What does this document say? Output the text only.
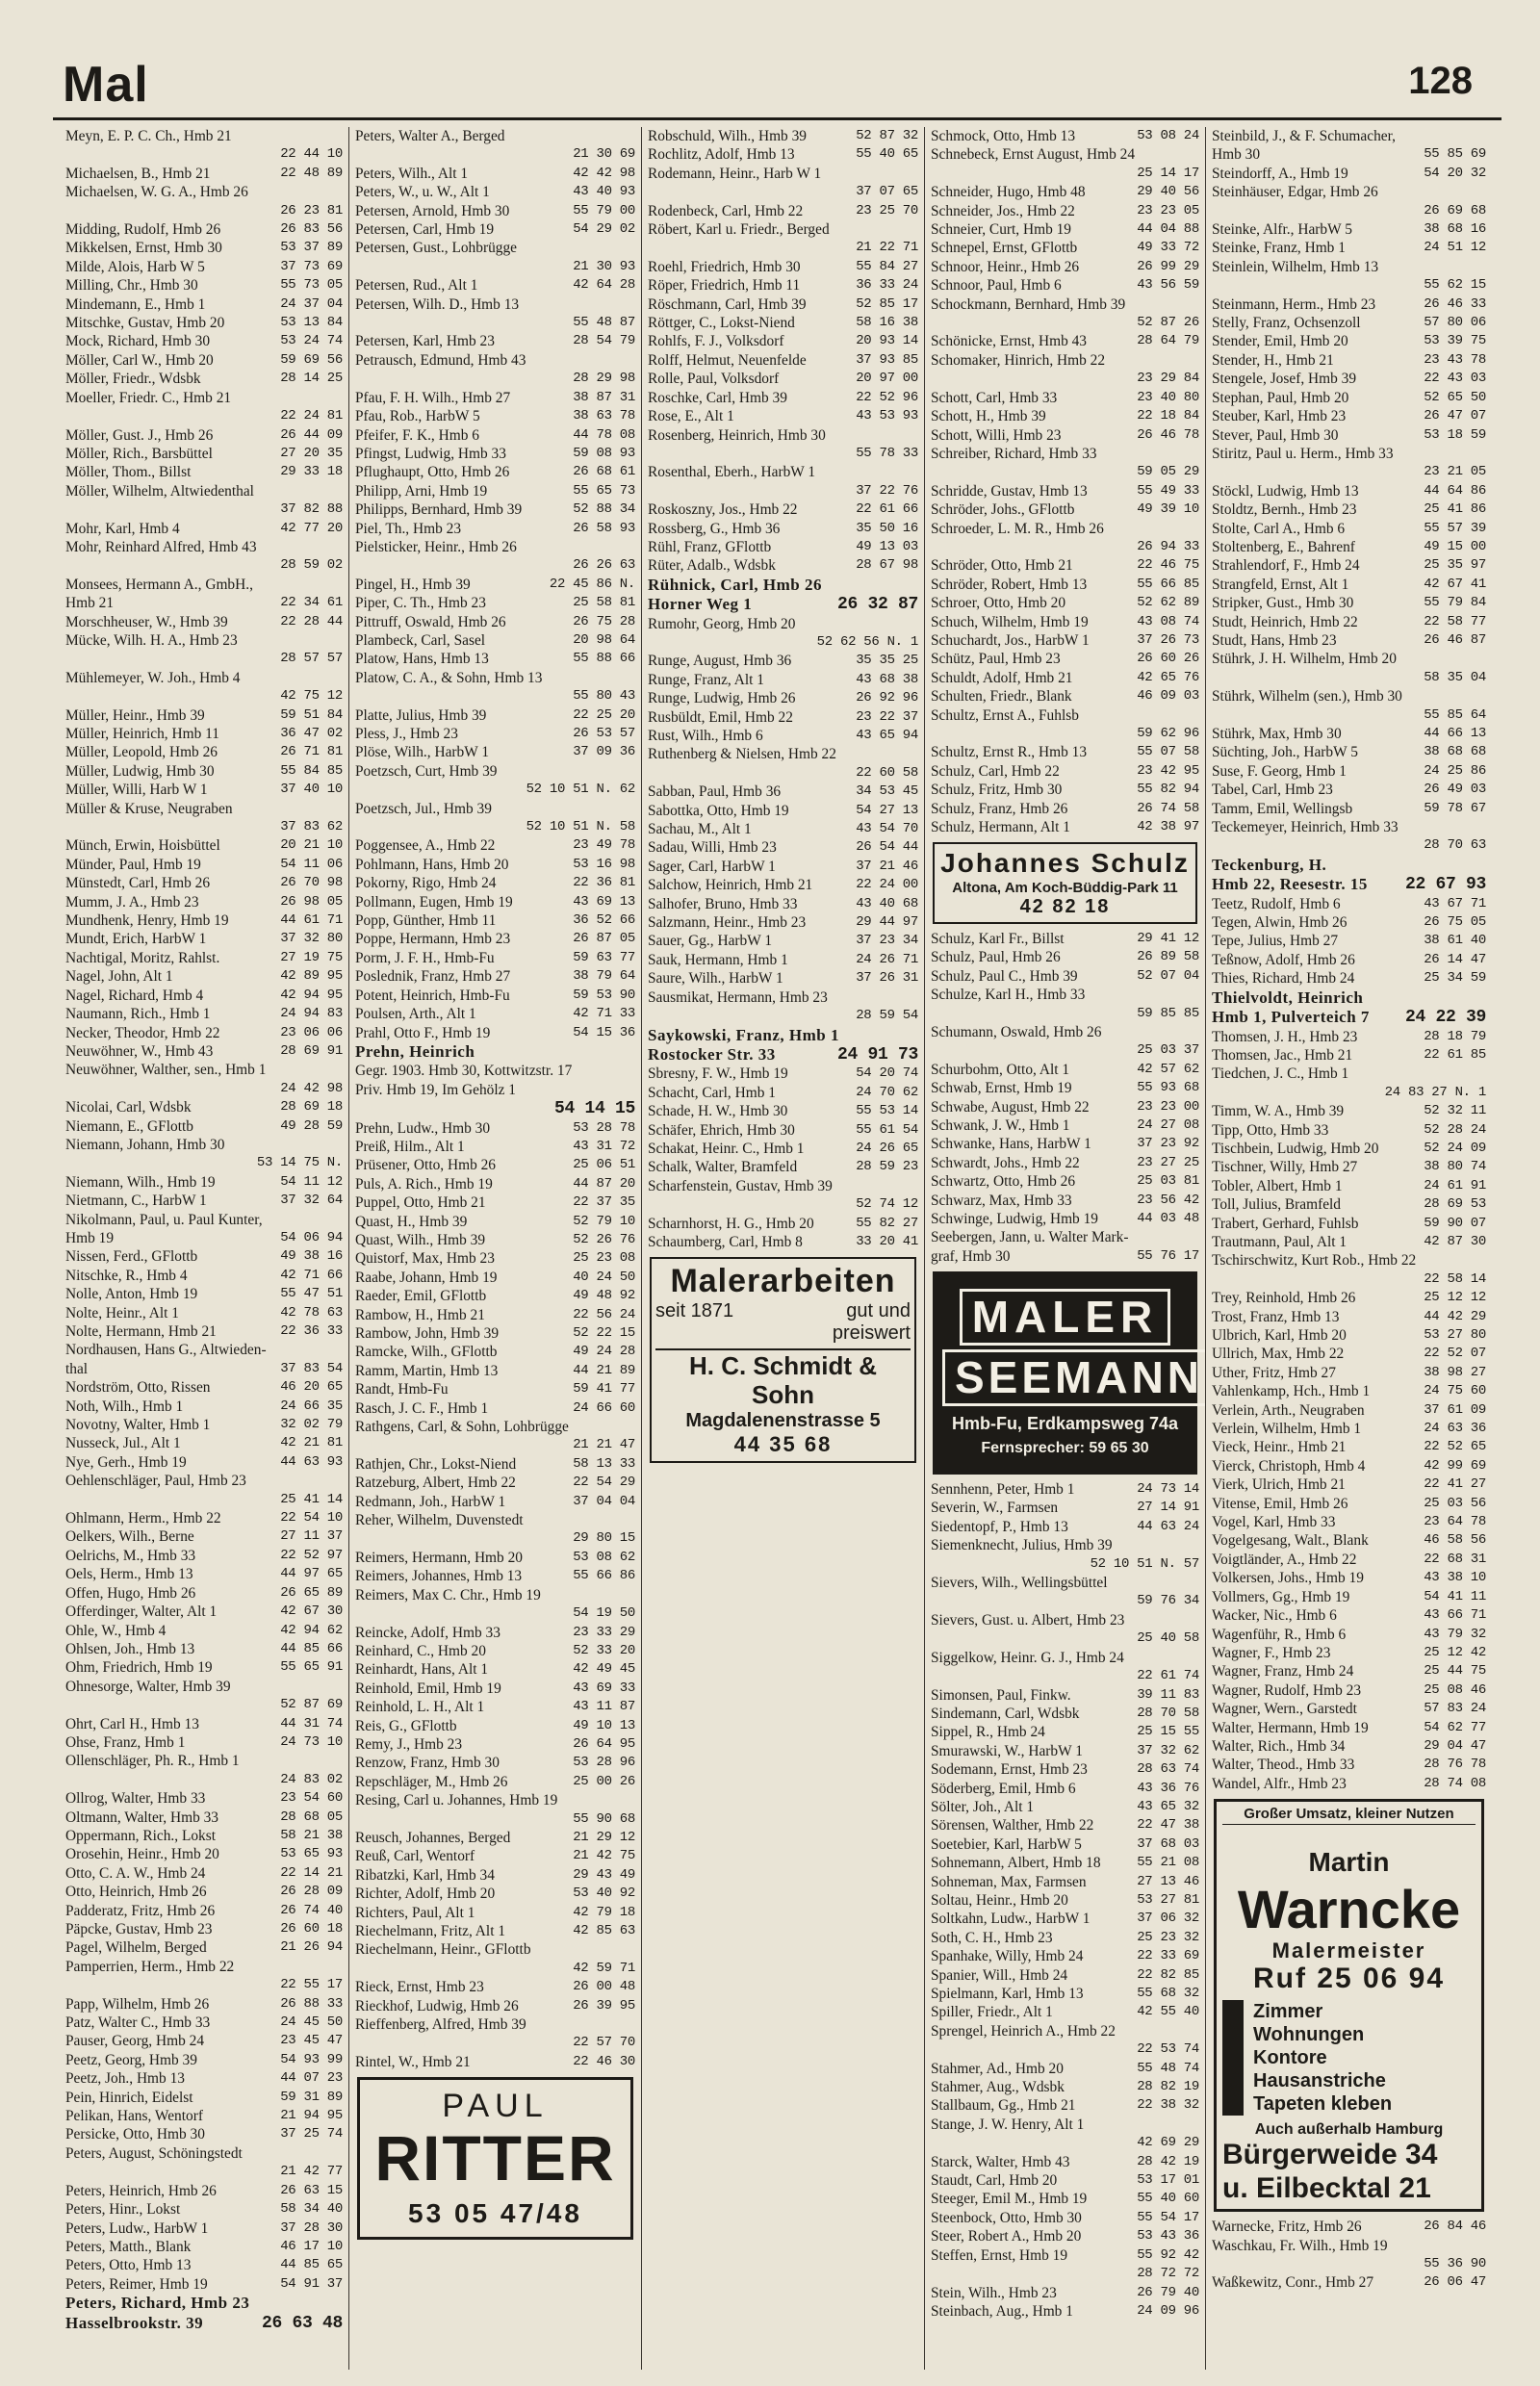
Mal	128
Meyn, E. P. C. Ch., Hmb 21

22 44 10
Michaelsen, B., Hmb 21	22 48 89
Michaelsen, W. G. A., Hmb 26

26 23 81
Midding, Rudolf, Hmb 26	26 83 56
Mikkelsen, Ernst, Hmb 30	53 37 89
Milde, Alois, Harb W 5	37 73 69
Milling, Chr., Hmb 30	55 73 05
Mindemann, E., Hmb 1	24 37 04
Mitschke, Gustav, Hmb 20	53 13 84
Mock, Richard, Hmb 30	53 24 74
Möller, Carl W., Hmb 20	59 69 56
Möller, Friedr., Wdsbk	28 14 25
Moeller, Friedr. C., Hmb 21

22 24 81
Möller, Gust. J., Hmb 26	26 44 09
Möller, Rich., Barsbüttel	27 20 35
Möller, Thom., Billst	29 33 18
Möller, Wilhelm, Altwiedenthal

37 82 88
Mohr, Karl, Hmb 4	42 77 20
Mohr, Reinhard Alfred, Hmb 43

28 59 02
Monsees, Hermann A., GmbH.,
Hmb 21	22 34 61
Morschheuser, W., Hmb 39	22 28 44
Mücke, Wilh. H. A., Hmb 23

28 57 57
Mühlemeyer, W. Joh., Hmb 4

42 75 12
Müller, Heinr., Hmb 39	59 51 84
Müller, Heinrich, Hmb 11	36 47 02
Müller, Leopold, Hmb 26	26 71 81
Müller, Ludwig, Hmb 30	55 84 85
Müller, Willi, Harb W 1	37 40 10
Müller & Kruse, Neugraben

37 83 62
Münch, Erwin, Hoisbüttel	20 21 10
Münder, Paul, Hmb 19	54 11 06
Münstedt, Carl, Hmb 26	26 70 98
Mumm, J. A., Hmb 23	26 98 05
Mundhenk, Henry, Hmb 19	44 61 71
Mundt, Erich, HarbW 1	37 32 80
Nachtigal, Moritz, Rahlst.	27 19 75
Nagel, John, Alt 1	42 89 95
Nagel, Richard, Hmb 4	42 94 95
Naumann, Rich., Hmb 1	24 94 83
Necker, Theodor, Hmb 22	23 06 06
Neuwöhner, W., Hmb 43	28 69 91
Neuwöhner, Walther, sen., Hmb 1

24 42 98
Nicolai, Carl, Wdsbk	28 69 18
Niemann, E., GFlottb	49 28 59
Niemann, Johann, Hmb 30

53 14 75 N.
Niemann, Wilh., Hmb 19	54 11 12
Nietmann, C., HarbW 1	37 32 64
Nikolmann, Paul, u. Paul Kunter,
Hmb 19	54 06 94
Nissen, Ferd., GFlottb	49 38 16
Nitschke, R., Hmb 4	42 71 66
Nolle, Anton, Hmb 19	55 47 51
Nolte, Heinr., Alt 1	42 78 63
Nolte, Hermann, Hmb 21	22 36 33
Nordhausen, Hans G., Altwieden-
thal	37 83 54
Nordström, Otto, Rissen	46 20 65
Noth, Wilh., Hmb 1	24 66 35
Novotny, Walter, Hmb 1	32 02 79
Nusseck, Jul., Alt 1	42 21 81
Nye, Gerh., Hmb 19	44 63 93
Oehlenschläger, Paul, Hmb 23

25 41 14
Ohlmann, Herm., Hmb 22	22 54 10
Oelkers, Wilh., Berne	27 11 37
Oelrichs, M., Hmb 33	22 52 97
Oels, Herm., Hmb 13	44 97 65
Offen, Hugo, Hmb 26	26 65 89
Offerdinger, Walter, Alt 1	42 67 30
Ohle, W., Hmb 4	42 94 62
Ohlsen, Joh., Hmb 13	44 85 66
Ohm, Friedrich, Hmb 19	55 65 91
Ohnesorge, Walter, Hmb 39

52 87 69
Ohrt, Carl H., Hmb 13	44 31 74
Ohse, Franz, Hmb 1	24 73 10
Ollenschläger, Ph. R., Hmb 1

24 83 02
Ollrog, Walter, Hmb 33	23 54 60
Oltmann, Walter, Hmb 33	28 68 05
Oppermann, Rich., Lokst	58 21 38
Orosehin, Heinr., Hmb 20	53 65 93
Otto, C. A. W., Hmb 24	22 14 21
Otto, Heinrich, Hmb 26	26 28 09
Padderatz, Fritz, Hmb 26	26 74 40
Päpcke, Gustav, Hmb 23	26 60 18
Pagel, Wilhelm, Berged	21 26 94
Pamperrien, Herm., Hmb 22

22 55 17
Papp, Wilhelm, Hmb 26	26 88 33
Patz, Walter C., Hmb 33	24 45 50
Pauser, Georg, Hmb 24	23 45 47
Peetz, Georg, Hmb 39	54 93 99
Peetz, Joh., Hmb 13	44 07 23
Pein, Hinrich, Eidelst	59 31 89
Pelikan, Hans, Wentorf	21 94 95
Persicke, Otto, Hmb 30	37 25 74
Peters, August, Schöningstedt

21 42 77
Peters, Heinrich, Hmb 26	26 63 15
Peters, Hinr., Lokst	58 34 40
Peters, Ludw., HarbW 1	37 28 30
Peters, Matth., Blank	46 17 10
Peters, Otto, Hmb 13	44 85 65
Peters, Reimer, Hmb 19	54 91 37
Peters, Richard, Hmb 23
Hasselbrookstr. 39	26 63 48
Peters, Walter A., Berged

21 30 69
Peters, Wilh., Alt 1	42 42 98
Peters, W., u. W., Alt 1	43 40 93
Petersen, Arnold, Hmb 30	55 79 00
Petersen, Carl, Hmb 19	54 29 02
Petersen, Gust., Lohbrügge

21 30 93
Petersen, Rud., Alt 1	42 64 28
Petersen, Wilh. D., Hmb 13

55 48 87
Petersen, Karl, Hmb 23	28 54 79
Petrausch, Edmund, Hmb 43

28 29 98
Pfau, F. H. Wilh., Hmb 27	38 87 31
Pfau, Rob., HarbW 5	38 63 78
Pfeifer, F. K., Hmb 6	44 78 08
Pfingst, Ludwig, Hmb 33	59 08 93
Pflughaupt, Otto, Hmb 26	26 68 61
Philipp, Arni, Hmb 19	55 65 73
Philipps, Bernhard, Hmb 39	52 88 34
Piel, Th., Hmb 23	26 58 93
Pielsticker, Heinr., Hmb 26

26 26 63
Pingel, H., Hmb 39	22 45 86 N.
Piper, C. Th., Hmb 23	25 58 81
Pittruff, Oswald, Hmb 26	26 75 28
Plambeck, Carl, Sasel	20 98 64
Platow, Hans, Hmb 13	55 88 66
Platow, C. A., & Sohn, Hmb 13

55 80 43
Platte, Julius, Hmb 39	22 25 20
Pless, J., Hmb 23	26 53 57
Plöse, Wilh., HarbW 1	37 09 36
Poetzsch, Curt, Hmb 39

52 10 51 N. 62
Poetzsch, Jul., Hmb 39

52 10 51 N. 58
Poggensee, A., Hmb 22	23 49 78
Pohlmann, Hans, Hmb 20	53 16 98
Pokorny, Rigo, Hmb 24	22 36 81
Pollmann, Eugen, Hmb 19	43 69 13
Popp, Günther, Hmb 11	36 52 66
Poppe, Hermann, Hmb 23	26 87 05
Porm, J. F. H., Hmb-Fu	59 63 77
Poslednik, Franz, Hmb 27	38 79 64
Potent, Heinrich, Hmb-Fu	59 53 90
Poulsen, Arth., Alt 1	42 71 33
Prahl, Otto F., Hmb 19	54 15 36
Prehn, Heinrich
Gegr. 1903. Hmb 30, Kottwitzstr. 17
Priv. Hmb 19, Im Gehölz 1

54 14 15
Prehn, Ludw., Hmb 30	53 28 78
Preiß, Hilm., Alt 1	43 31 72
Prüsener, Otto, Hmb 26	25 06 51
Puls, A. Rich., Hmb 19	44 87 20
Puppel, Otto, Hmb 21	22 37 35
Quast, H., Hmb 39	52 79 10
Quast, Wilh., Hmb 39	52 26 76
Quistorf, Max, Hmb 23	25 23 08
Raabe, Johann, Hmb 19	40 24 50
Raeder, Emil, GFlottb	49 48 92
Rambow, H., Hmb 21	22 56 24
Rambow, John, Hmb 39	52 22 15
Ramcke, Wilh., GFlottb	49 24 28
Ramm, Martin, Hmb 13	44 21 89
Randt, Hmb-Fu	59 41 77
Rasch, J. C. F., Hmb 1	24 66 60
Rathgens, Carl, & Sohn, Lohbrügge

21 21 47
Rathjen, Chr., Lokst-Niend	58 13 33
Ratzeburg, Albert, Hmb 22	22 54 29
Redmann, Joh., HarbW 1	37 04 04
Reher, Wilhelm, Duvenstedt

29 80 15
Reimers, Hermann, Hmb 20	53 08 62
Reimers, Johannes, Hmb 13	55 66 86
Reimers, Max C. Chr., Hmb 19

54 19 50
Reincke, Adolf, Hmb 33	23 33 29
Reinhard, C., Hmb 20	52 33 20
Reinhardt, Hans, Alt 1	42 49 45
Reinhold, Emil, Hmb 19	43 69 33
Reinhold, L. H., Alt 1	43 11 87
Reis, G., GFlottb	49 10 13
Remy, J., Hmb 23	26 64 95
Renzow, Franz, Hmb 30	53 28 96
Repschläger, M., Hmb 26	25 00 26
Resing, Carl u. Johannes, Hmb 19

55 90 68
Reusch, Johannes, Berged	21 29 12
Reuß, Carl, Wentorf	21 42 75
Ribatzki, Karl, Hmb 34	29 43 49
Richter, Adolf, Hmb 20	53 40 92
Richters, Paul, Alt 1	42 79 18
Riechelmann, Fritz, Alt 1	42 85 63
Riechelmann, Heinr., GFlottb

42 59 71
Rieck, Ernst, Hmb 23	26 00 48
Rieckhof, Ludwig, Hmb 26	26 39 95
Rieffenberg, Alfred, Hmb 39

22 57 70
Rintel, W., Hmb 21	22 46 30
PAUL
RITTER
53 05 47/48
Robschuld, Wilh., Hmb 39	52 87 32
Rochlitz, Adolf, Hmb 13	55 40 65
Rodemann, Heinr., Harb W 1

37 07 65
Rodenbeck, Carl, Hmb 22	23 25 70
Röbert, Karl u. Friedr., Berged

21 22 71
Roehl, Friedrich, Hmb 30	55 84 27
Röper, Friedrich, Hmb 11	36 33 24
Röschmann, Carl, Hmb 39	52 85 17
Röttger, C., Lokst-Niend	58 16 38
Rohlfs, F. J., Volksdorf	20 93 14
Rolff, Helmut, Neuenfelde	37 93 85
Rolle, Paul, Volksdorf	20 97 00
Roschke, Carl, Hmb 39	22 52 96
Rose, E., Alt 1	43 53 93
Rosenberg, Heinrich, Hmb 30

55 78 33
Rosenthal, Eberh., HarbW 1

37 22 76
Roskoszny, Jos., Hmb 22	22 61 66
Rossberg, G., Hmb 36	35 50 16
Rühl, Franz, GFlottb	49 13 03
Rüter, Adalb., Wdsbk	28 67 98
Rühnick, Carl, Hmb 26
Horner Weg 1	26 32 87
Rumohr, Georg, Hmb 20

52 62 56 N. 1
Runge, August, Hmb 36	35 35 25
Runge, Franz, Alt 1	43 68 38
Runge, Ludwig, Hmb 26	26 92 96
Rusbüldt, Emil, Hmb 22	23 22 37
Rust, Wilh., Hmb 6	43 65 94
Ruthenberg & Nielsen, Hmb 22

22 60 58
Sabban, Paul, Hmb 36	34 53 45
Sabottka, Otto, Hmb 19	54 27 13
Sachau, M., Alt 1	43 54 70
Sadau, Willi, Hmb 23	26 54 44
Sager, Carl, HarbW 1	37 21 46
Salchow, Heinrich, Hmb 21	22 24 00
Salhofer, Bruno, Hmb 33	43 40 68
Salzmann, Heinr., Hmb 23	29 44 97
Sauer, Gg., HarbW 1	37 23 34
Sauk, Hermann, Hmb 1	24 26 71
Saure, Wilh., HarbW 1	37 26 31
Sausmikat, Hermann, Hmb 23

28 59 54
Saykowski, Franz, Hmb 1
Rostocker Str. 33	24 91 73
Sbresny, F. W., Hmb 19	54 20 74
Schacht, Carl, Hmb 1	24 70 62
Schade, H. W., Hmb 30	55 53 14
Schäfer, Ehrich, Hmb 30	55 61 54
Schakat, Heinr. C., Hmb 1	24 26 65
Schalk, Walter, Bramfeld	28 59 23
Scharfenstein, Gustav, Hmb 39

52 74 12
Scharnhorst, H. G., Hmb 20	55 82 27
Schaumberg, Carl, Hmb 8	33 20 41
Malerarbeiten
seit 1871	gut und
preiswert
H. C. Schmidt & Sohn
Magdalenenstrasse 5
44 35 68
Schmock, Otto, Hmb 13	53 08 24
Schnebeck, Ernst August, Hmb 24

25 14 17
Schneider, Hugo, Hmb 48	29 40 56
Schneider, Jos., Hmb 22	23 23 05
Schneier, Curt, Hmb 19	44 04 88
Schnepel, Ernst, GFlottb	49 33 72
Schnoor, Heinr., Hmb 26	26 99 29
Schnoor, Paul, Hmb 6	43 56 59
Schockmann, Bernhard, Hmb 39

52 87 26
Schönicke, Ernst, Hmb 43	28 64 79
Schomaker, Hinrich, Hmb 22

23 29 84
Schott, Carl, Hmb 33	23 40 80
Schott, H., Hmb 39	22 18 84
Schott, Willi, Hmb 23	26 46 78
Schreiber, Richard, Hmb 33

59 05 29
Schridde, Gustav, Hmb 13	55 49 33
Schröder, Johs., GFlottb	49 39 10
Schroeder, L. M. R., Hmb 26

26 94 33
Schröder, Otto, Hmb 21	22 46 75
Schröder, Robert, Hmb 13	55 66 85
Schroer, Otto, Hmb 20	52 62 89
Schuch, Wilhelm, Hmb 19	43 08 74
Schuchardt, Jos., HarbW 1	37 26 73
Schütz, Paul, Hmb 23	26 60 26
Schuldt, Adolf, Hmb 21	42 65 76
Schulten, Friedr., Blank	46 09 03
Schultz, Ernst A., Fuhlsb

59 62 96
Schultz, Ernst R., Hmb 13	55 07 58
Schulz, Carl, Hmb 22	23 42 95
Schulz, Fritz, Hmb 30	55 82 94
Schulz, Franz, Hmb 26	26 74 58
Schulz, Hermann, Alt 1	42 38 97
Johannes Schulz
Altona, Am Koch-Büddig-Park 11
42 82 18
Schulz, Karl Fr., Billst	29 41 12
Schulz, Paul, Hmb 26	26 89 58
Schulz, Paul C., Hmb 39	52 07 04
Schulze, Karl H., Hmb 33

59 85 85
Schumann, Oswald, Hmb 26

25 03 37
Schurbohm, Otto, Alt 1	42 57 62
Schwab, Ernst, Hmb 19	55 93 68
Schwabe, August, Hmb 22	23 23 00
Schwank, J. W., Hmb 1	24 27 08
Schwanke, Hans, HarbW 1	37 23 92
Schwardt, Johs., Hmb 22	23 27 25
Schwartz, Otto, Hmb 26	25 03 81
Schwarz, Max, Hmb 33	23 56 42
Schwinge, Ludwig, Hmb 19	44 03 48
Seebergen, Jann, u. Walter Mark-
graf, Hmb 30	55 76 17
MALER
SEEMANN
Hmb-Fu, Erdkampsweg 74a
Fernsprecher: 59 65 30
Sennhenn, Peter, Hmb 1	24 73 14
Severin, W., Farmsen	27 14 91
Siedentopf, P., Hmb 13	44 63 24
Siemenknecht, Julius, Hmb 39

52 10 51 N. 57
Sievers, Wilh., Wellingsbüttel

59 76 34
Sievers, Gust. u. Albert, Hmb 23

25 40 58
Siggelkow, Heinr. G. J., Hmb 24

22 61 74
Simonsen, Paul, Finkw.	39 11 83
Sindemann, Carl, Wdsbk	28 70 58
Sippel, R., Hmb 24	25 15 55
Smurawski, W., HarbW 1	37 32 62
Sodemann, Ernst, Hmb 23	28 63 74
Söderberg, Emil, Hmb 6	43 36 76
Sölter, Joh., Alt 1	43 65 32
Sörensen, Walther, Hmb 22	22 47 38
Soetebier, Karl, HarbW 5	37 68 03
Sohnemann, Albert, Hmb 18	55 21 08
Sohneman, Max, Farmsen	27 13 46
Soltau, Heinr., Hmb 20	53 27 81
Soltkahn, Ludw., HarbW 1	37 06 32
Soth, C. H., Hmb 23	25 23 32
Spanhake, Willy, Hmb 24	22 33 69
Spanier, Will., Hmb 24	22 82 85
Spielmann, Karl, Hmb 13	55 68 32
Spiller, Friedr., Alt 1	42 55 40
Sprengel, Heinrich A., Hmb 22

22 53 74
Stahmer, Ad., Hmb 20	55 48 74
Stahmer, Aug., Wdsbk	28 82 19
Stallbaum, Gg., Hmb 21	22 38 32
Stange, J. W. Henry, Alt 1

42 69 29
Starck, Walter, Hmb 43	28 42 19
Staudt, Carl, Hmb 20	53 17 01
Steeger, Emil M., Hmb 19	55 40 60
Steenbock, Otto, Hmb 30	55 54 17
Steer, Robert A., Hmb 20	53 43 36
Steffen, Ernst, Hmb 19	55 92 42

28 72 72
Stein, Wilh., Hmb 23	26 79 40
Steinbach, Aug., Hmb 1	24 09 96
Steinbild, J., & F. Schumacher,
Hmb 30	55 85 69
Steindorff, A., Hmb 19	54 20 32
Steinhäuser, Edgar, Hmb 26

26 69 68
Steinke, Alfr., HarbW 5	38 68 16
Steinke, Franz, Hmb 1	24 51 12
Steinlein, Wilhelm, Hmb 13

55 62 15
Steinmann, Herm., Hmb 23	26 46 33
Stelly, Franz, Ochsenzoll	57 80 06
Stender, Emil, Hmb 20	53 39 75
Stender, H., Hmb 21	23 43 78
Stengele, Josef, Hmb 39	22 43 03
Stephan, Paul, Hmb 20	52 65 50
Steuber, Karl, Hmb 23	26 47 07
Stever, Paul, Hmb 30	53 18 59
Stiritz, Paul u. Herm., Hmb 33

23 21 05
Stöckl, Ludwig, Hmb 13	44 64 86
Stoldtz, Bernh., Hmb 23	25 41 86
Stolte, Carl A., Hmb 6	55 57 39
Stoltenberg, E., Bahrenf	49 15 00
Strahlendorf, F., Hmb 24	25 35 97
Strangfeld, Ernst, Alt 1	42 67 41
Stripker, Gust., Hmb 30	55 79 84
Studt, Heinrich, Hmb 22	22 58 77
Studt, Hans, Hmb 23	26 46 87
Stührk, J. H. Wilhelm, Hmb 20

58 35 04
Stührk, Wilhelm (sen.), Hmb 30

55 85 64
Stührk, Max, Hmb 30	44 66 13
Süchting, Joh., HarbW 5	38 68 68
Suse, F. Georg, Hmb 1	24 25 86
Tabel, Carl, Hmb 23	26 49 03
Tamm, Emil, Wellingsb	59 78 67
Teckemeyer, Heinrich, Hmb 33

28 70 63
Teckenburg, H.
Hmb 22, Reesestr. 15 22 67 93
Teetz, Rudolf, Hmb 6	43 67 71
Tegen, Alwin, Hmb 26	26 75 05
Tepe, Julius, Hmb 27	38 61 40
Teßnow, Adolf, Hmb 26	26 14 47
Thies, Richard, Hmb 24	25 34 59
Thielvoldt, Heinrich
Hmb 1, Pulverteich 7 24 22 39
Thomsen, J. H., Hmb 23	28 18 79
Thomsen, Jac., Hmb 21	22 61 85
Tiedchen, J. C., Hmb 1

24 83 27 N. 1
Timm, W. A., Hmb 39	52 32 11
Tipp, Otto, Hmb 33	52 28 24
Tischbein, Ludwig, Hmb 20	52 24 09
Tischner, Willy, Hmb 27	38 80 74
Tobler, Albert, Hmb 1	24 61 91
Toll, Julius, Bramfeld	28 69 53
Trabert, Gerhard, Fuhlsb	59 90 07
Trautmann, Paul, Alt 1	42 87 30
Tschirschwitz, Kurt Rob., Hmb 22

22 58 14
Trey, Reinhold, Hmb 26	25 12 12
Trost, Franz, Hmb 13	44 42 29
Ulbrich, Karl, Hmb 20	53 27 80
Ullrich, Max, Hmb 22	22 52 07
Uther, Fritz, Hmb 27	38 98 27
Vahlenkamp, Hch., Hmb 1	24 75 60
Verlein, Arth., Neugraben	37 61 09
Verlein, Wilhelm, Hmb 1	24 63 36
Vieck, Heinr., Hmb 21	22 52 65
Vierck, Christoph, Hmb 4	42 99 69
Vierk, Ulrich, Hmb 21	22 41 27
Vitense, Emil, Hmb 26	25 03 56
Vogel, Karl, Hmb 33	23 64 78
Vogelgesang, Walt., Blank	46 58 56
Voigtländer, A., Hmb 22	22 68 31
Volkersen, Johs., Hmb 19	43 38 10
Vollmers, Gg., Hmb 19	54 41 11
Wacker, Nic., Hmb 6	43 66 71
Wagenführ, R., Hmb 6	43 79 32
Wagner, F., Hmb 23	25 12 42
Wagner, Franz, Hmb 24	25 44 75
Wagner, Rudolf, Hmb 23	25 08 46
Wagner, Wern., Garstedt	57 83 24
Walter, Hermann, Hmb 19	54 62 77
Walter, Rich., Hmb 34	29 04 47
Walter, Theod., Hmb 33	28 76 78
Wandel, Alfr., Hmb 23	28 74 08
Großer Umsatz, kleiner Nutzen
Martin Warncke
Malermeister
Ruf 25 06 94
Zimmer
Wohnungen
Kontore
Hausanstriche
Tapeten kleben
Auch außerhalb Hamburg
Bürgerweide 34
u. Eilbecktal 21
Warnecke, Fritz, Hmb 26	26 84 46
Waschkau, Fr. Wilh., Hmb 19

55 36 90
Waßkewitz, Conr., Hmb 27	26 06 47
